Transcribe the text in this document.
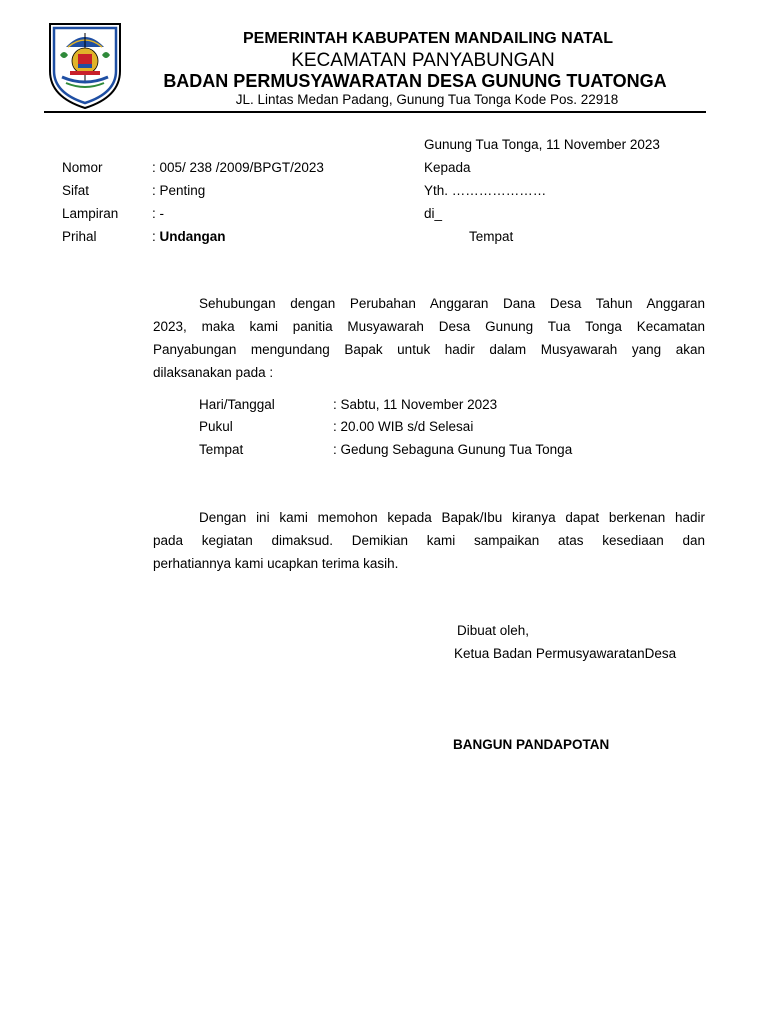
PEMERINTAH KABUPATEN MANDAILING NATAL
KECAMATAN PANYABUNGAN
BADAN PERMUSYAWARATAN DESA GUNUNG TUATONGA
JL. Lintas Medan Padang, Gunung Tua Tonga Kode Pos. 22918
Gunung Tua Tonga, 11 November 2023
Nomor	: 005/ 238 /2009/BPGT/2023
Sifat	: Penting
Lampiran : -
Prihal	: Undangan
Kepada
Yth. …………………
di_
Tempat
Sehubungan dengan Perubahan Anggaran Dana Desa Tahun Anggaran
2023, maka kami panitia Musyawarah Desa Gunung Tua Tonga Kecamatan
Panyabungan mengundang Bapak untuk hadir dalam Musyawarah yang akan
dilaksanakan pada :
Hari/Tanggal	: Sabtu, 11 November 2023
Pukul	: 20.00 WIB s/d Selesai
Tempat	: Gedung Sebaguna Gunung Tua Tonga
Dengan ini kami memohon kepada Bapak/Ibu kiranya dapat berkenan hadir
pada kegiatan dimaksud. Demikian kami sampaikan atas kesediaan dan
perhatiannya kami ucapkan terima kasih.
Dibuat oleh,
Ketua Badan PermusyawaratanDesa
BANGUN PANDAPOTAN
